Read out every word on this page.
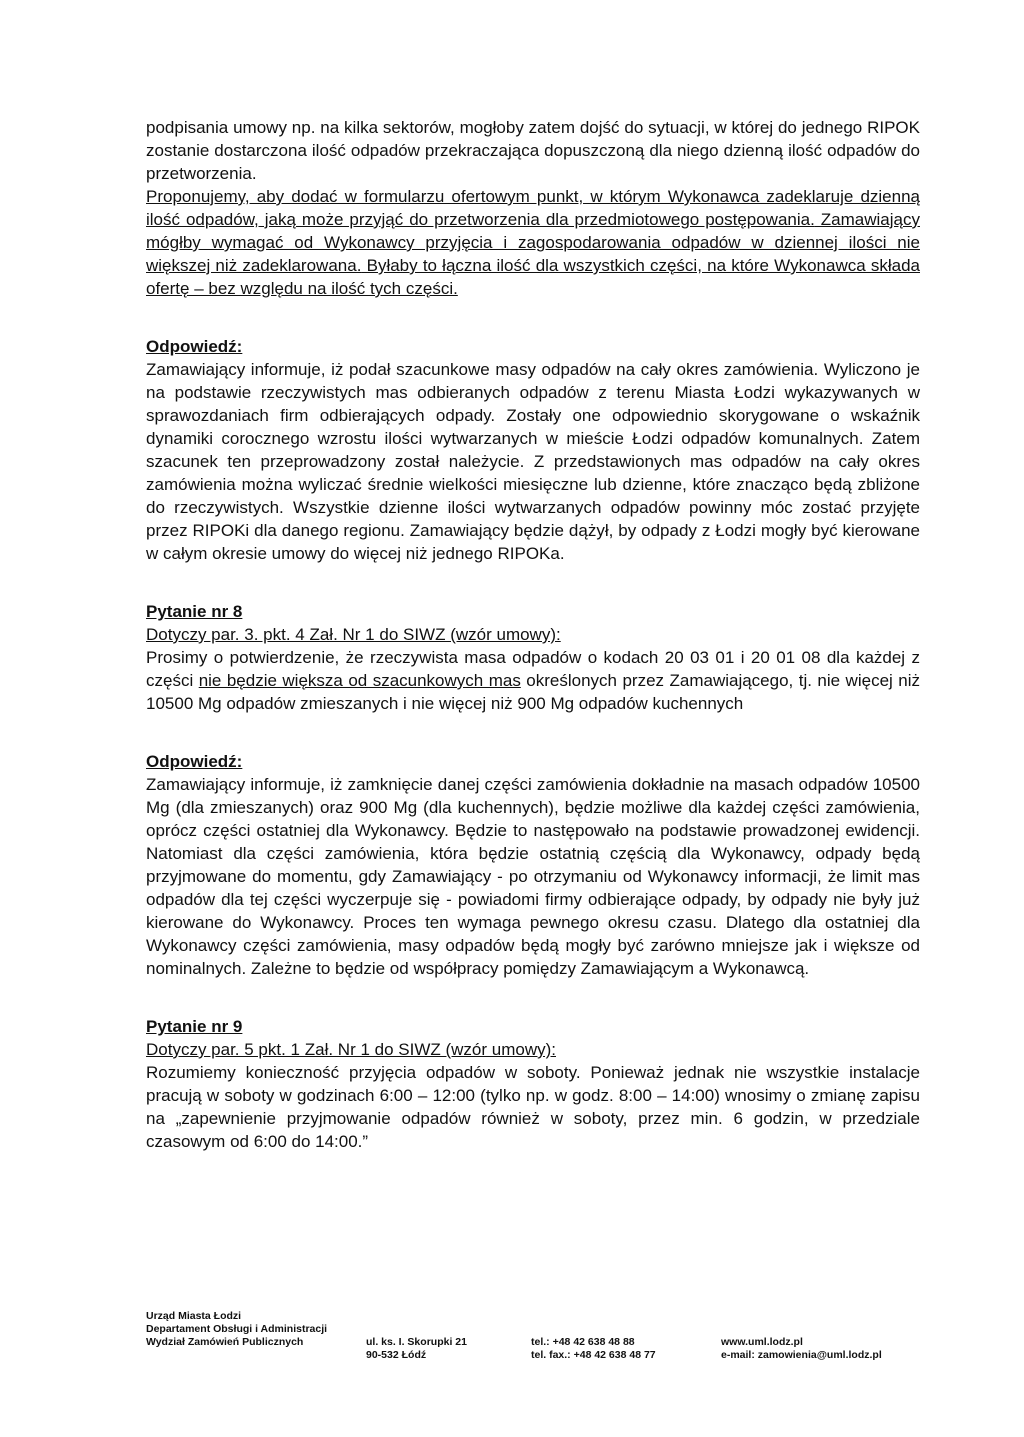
podpisania umowy np. na kilka sektorów, mogłoby zatem dojść do sytuacji, w której do jednego RIPOK zostanie dostarczona ilość odpadów przekraczająca dopuszczoną dla niego dzienną ilość odpadów do przetworzenia.

Proponujemy, aby dodać w formularzu ofertowym punkt, w którym Wykonawca zadeklaruje dzienną ilość odpadów, jaką może przyjąć do przetworzenia dla przedmiotowego postępowania. Zamawiający mógłby wymagać od Wykonawcy przyjęcia i zagospodarowania odpadów w dziennej ilości nie większej niż zadeklarowana. Byłaby to łączna ilość dla wszystkich części, na które Wykonawca składa ofertę – bez względu na ilość tych części.

Odpowiedź:

Zamawiający informuje, iż podał szacunkowe masy odpadów na cały okres zamówienia. Wyliczono je na podstawie rzeczywistych mas odbieranych odpadów z terenu Miasta Łodzi wykazywanych w sprawozdaniach firm odbierających odpady. Zostały one odpowiednio skorygowane o wskaźnik dynamiki corocznego wzrostu ilości wytwarzanych w mieście Łodzi odpadów komunalnych. Zatem szacunek ten przeprowadzony został należycie. Z przedstawionych mas odpadów na cały okres zamówienia można wyliczać średnie wielkości miesięczne lub dzienne, które znacząco będą zbliżone do rzeczywistych. Wszystkie dzienne ilości wytwarzanych odpadów powinny móc zostać przyjęte przez RIPOKi dla danego regionu. Zamawiający będzie dążył, by odpady z Łodzi mogły być kierowane w całym okresie umowy do więcej niż jednego RIPOKa.

Pytanie nr 8
Dotyczy par. 3. pkt. 4 Zał. Nr 1 do SIWZ (wzór umowy):

Prosimy o potwierdzenie, że rzeczywista masa odpadów o kodach 20 03 01 i 20 01 08 dla każdej z części nie będzie większa od szacunkowych mas określonych przez Zamawiającego, tj. nie więcej niż 10500 Mg odpadów zmieszanych i nie więcej niż 900 Mg odpadów kuchennych

Odpowiedź:

Zamawiający informuje, iż zamknięcie danej części zamówienia dokładnie na masach odpadów 10500 Mg (dla zmieszanych) oraz 900 Mg (dla kuchennych), będzie możliwe dla każdej części zamówienia, oprócz części ostatniej dla Wykonawcy. Będzie to następowało na podstawie prowadzonej ewidencji. Natomiast dla części zamówienia, która będzie ostatnią częścią dla Wykonawcy, odpady będą przyjmowane do momentu, gdy Zamawiający - po otrzymaniu od Wykonawcy informacji, że limit mas odpadów dla tej części wyczerpuje się - powiadomi firmy odbierające odpady, by odpady nie były już kierowane do Wykonawcy. Proces ten wymaga pewnego okresu czasu. Dlatego dla ostatniej dla Wykonawcy części zamówienia, masy odpadów będą mogły być zarówno mniejsze jak i większe od nominalnych. Zależne to będzie od współpracy pomiędzy Zamawiającym a Wykonawcą.

Pytanie nr 9
Dotyczy par. 5 pkt. 1 Zał. Nr 1 do SIWZ (wzór umowy):

Rozumiemy konieczność przyjęcia odpadów w soboty. Ponieważ jednak nie wszystkie instalacje pracują w soboty w godzinach 6:00 – 12:00 (tylko np. w godz. 8:00 – 14:00) wnosimy o zmianę zapisu na „zapewnienie przyjmowanie odpadów również w soboty, przez min. 6 godzin, w przedziale czasowym od 6:00 do 14:00.”

Urząd Miasta Łodzi
Departament Obsługi i Administracji
Wydział Zamówień Publicznych	ul. ks. I. Skorupki 21	tel.: +48 42 638 48 88	www.uml.lodz.pl
90-532 Łódź	tel. fax.: +48 42 638 48 77	e-mail: zamowienia@uml.lodz.pl
